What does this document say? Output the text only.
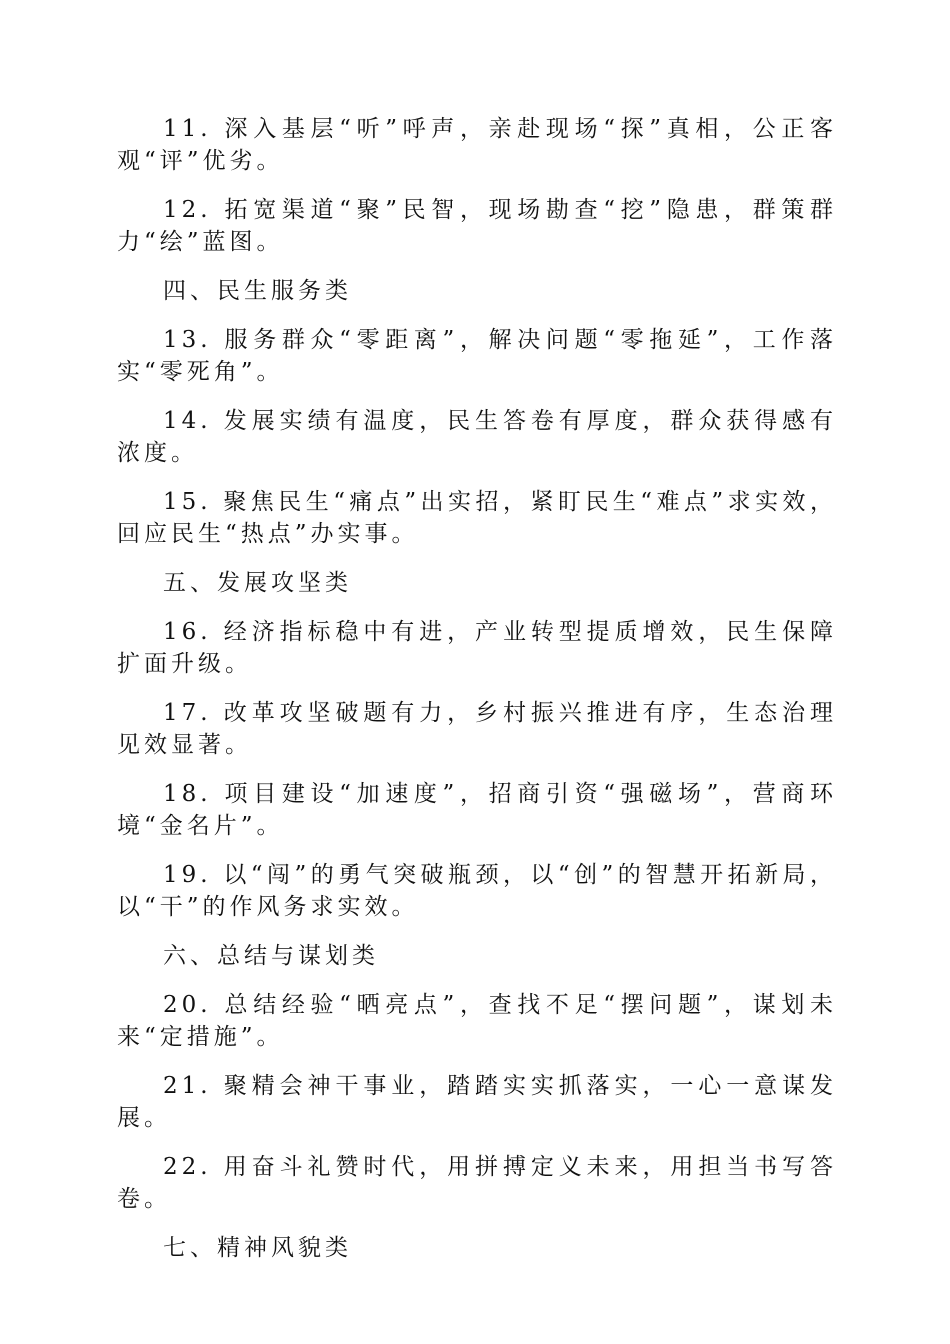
11. 深入基层“听”呼声，亲赴现场“探”真相，公正客观“评”优劣。

12. 拓宽渠道“聚”民智，现场勘查“挖”隐患，群策群力“绘”蓝图。

四、民生服务类

13. 服务群众“零距离”，解决问题“零拖延”，工作落实“零死角”。

14. 发展实绩有温度，民生答卷有厚度，群众获得感有浓度。

15. 聚焦民生“痛点”出实招，紧盯民生“难点”求实效，回应民生“热点”办实事。

五、发展攻坚类

16. 经济指标稳中有进，产业转型提质增效，民生保障扩面升级。

17. 改革攻坚破题有力，乡村振兴推进有序，生态治理见效显著。

18. 项目建设“加速度”，招商引资“强磁场”，营商环境“金名片”。

19. 以“闯”的勇气突破瓶颈，以“创”的智慧开拓新局，以“干”的作风务求实效。

六、总结与谋划类

20. 总结经验“晒亮点”，查找不足“摆问题”，谋划未来“定措施”。

21. 聚精会神干事业，踏踏实实抓落实，一心一意谋发展。

22. 用奋斗礼赞时代，用拼搏定义未来，用担当书写答卷。

七、精神风貌类
